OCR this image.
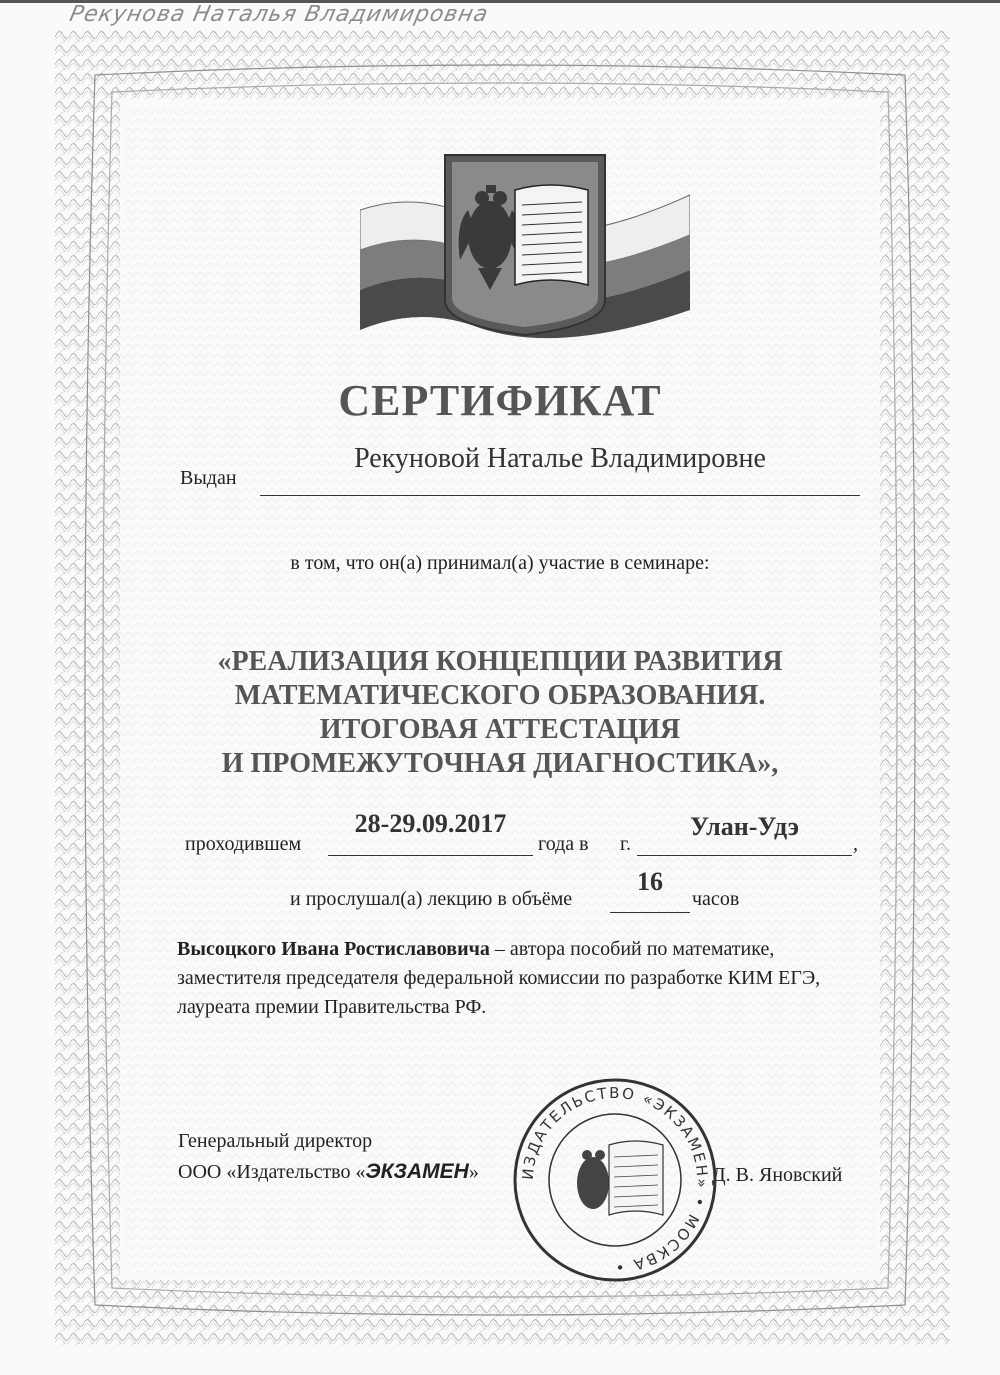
Рекунова Наталья Владимировна
СЕРТИФИКАТ
Рекуновой Наталье Владимировне
Выдан
в том, что он(а) принимал(а) участие в семинаре:
«РЕАЛИЗАЦИЯ КОНЦЕПЦИИ РАЗВИТИЯ
МАТЕМАТИЧЕСКОГО ОБРАЗОВАНИЯ.
ИТОГОВАЯ АТТЕСТАЦИЯ
И ПРОМЕЖУТОЧНАЯ ДИАГНОСТИКА»,
проходившем
28-29.09.2017
года в г.
Улан-Удэ
,
и прослушал(а) лекцию в объёме
16
часов
Высоцкого Ивана Ростиславовича – автора пособий по математике, заместителя председателя федеральной комиссии по разработке КИМ ЕГЭ, лауреата премии Правительства РФ.
Генеральный директор
ООО «Издательство «ЭКЗАМЕН»	Д. В. Яновский
ИЗДАТЕЛЬСТВО «ЭКЗАМЕН» • МОСКВА •
